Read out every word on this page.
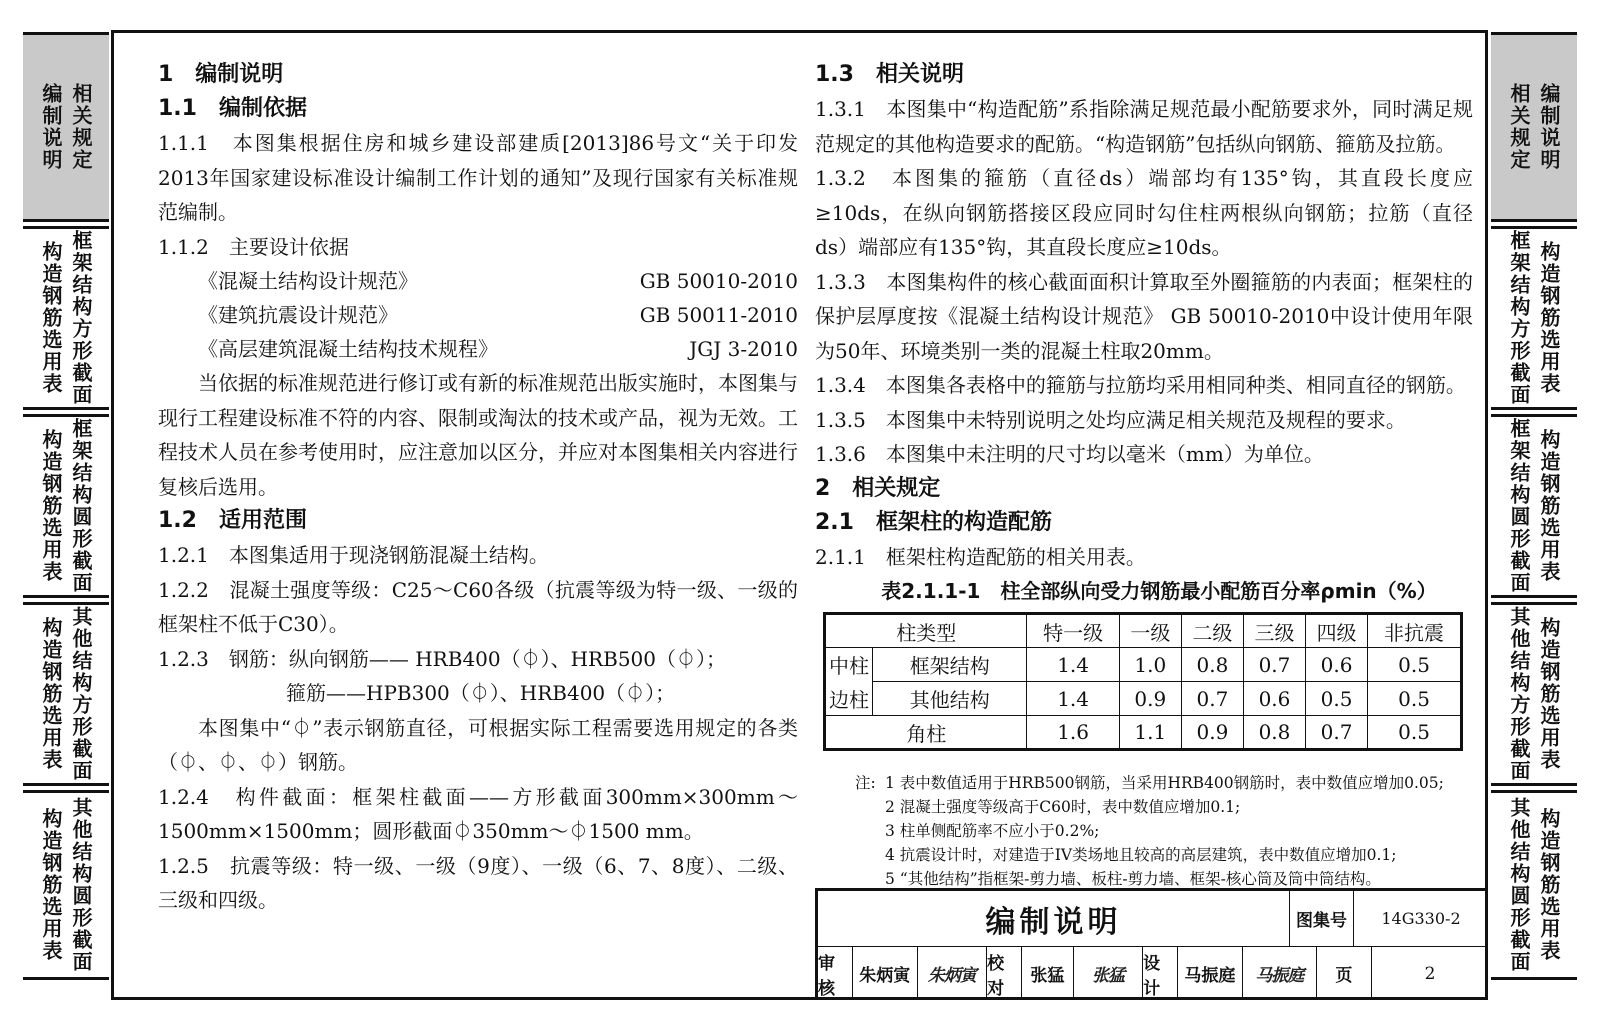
编制说明 相关规定
构造钢筋选用表 框架结构方形截面
构造钢筋选用表 框架结构圆形截面
构造钢筋选用表 其他结构方形截面
构造钢筋选用表 其他结构圆形截面
相关规定 编制说明
框架结构方形截面 构造钢筋选用表
框架结构圆形截面 构造钢筋选用表
其他结构方形截面 构造钢筋选用表
其他结构圆形截面 构造钢筋选用表
1　编制说明
1.1　编制依据
1.1.1　本图集根据住房和城乡建设部建质[2013]86号文“关于印发2013年国家建设标准设计编制工作计划的通知”及现行国家有关标准规范编制。
1.1.2　主要设计依据
《混凝土结构设计规范》	GB 50010-2010
《建筑抗震设计规范》	GB 50011-2010
《高层建筑混凝土结构技术规程》	JGJ 3-2010
当依据的标准规范进行修订或有新的标准规范出版实施时，本图集与现行工程建设标准不符的内容、限制或淘汰的技术或产品，视为无效。工程技术人员在参考使用时，应注意加以区分，并应对本图集相关内容进行复核后选用。
1.2　适用范围
1.2.1　本图集适用于现浇钢筋混凝土结构。
1.2.2　混凝土强度等级：C25～C60各级（抗震等级为特一级、一级的框架柱不低于C30）。
1.2.3　钢筋：纵向钢筋—— HRB400（⏀）、HRB500（⏀）；
箍筋——HPB300（⏀）、HRB400（⏀）；
本图集中“⏀”表示钢筋直径，可根据实际工程需要选用规定的各类（⏀、⏀、⏀）钢筋。
1.2.4　构件截面：框架柱截面——方形截面300mm×300mm～1500mm×1500mm；圆形截面⏀350mm～⏀1500 mm。
1.2.5　抗震等级：特一级、一级（9度）、一级（6、7、8度）、二级、三级和四级。
1.3　相关说明
1.3.1　本图集中“构造配筋”系指除满足规范最小配筋要求外，同时满足规范规定的其他构造要求的配筋。“构造钢筋”包括纵向钢筋、箍筋及拉筋。
1.3.2　本图集的箍筋（直径ds）端部均有135°钩，其直段长度应≥10ds，在纵向钢筋搭接区段应同时勾住柱两根纵向钢筋；拉筋（直径ds）端部应有135°钩，其直段长度应≥10ds。
1.3.3　本图集构件的核心截面面积计算取至外圈箍筋的内表面；框架柱的保护层厚度按《混凝土结构设计规范》 GB 50010-2010中设计使用年限为50年、环境类别一类的混凝土柱取20mm。
1.3.4　本图集各表格中的箍筋与拉筋均采用相同种类、相同直径的钢筋。
1.3.5　本图集中未特别说明之处均应满足相关规范及规程的要求。
1.3.6　本图集中未注明的尺寸均以毫米（mm）为单位。
2　相关规定
2.1　框架柱的构造配筋
2.1.1　框架柱构造配筋的相关用表。
表2.1.1-1　柱全部纵向受力钢筋最小配筋百分率ρmin（%）
柱类型		特一级	一级	二级	三级	四级	非抗震
中柱	框架结构	1.4	1.0	0.8	0.7	0.6	0.5
边柱	其他结构	1.4	0.9	0.7	0.6	0.5	0.5
角柱		1.6	1.1	0.9	0.8	0.7	0.5
注: 1 表中数值适用于HRB500钢筋，当采用HRB400钢筋时，表中数值应增加0.05;
2 混凝土强度等级高于C60时，表中数值应增加0.1;
3 柱单侧配筋率不应小于0.2%;
4 抗震设计时，对建造于IV类场地且较高的高层建筑，表中数值应增加0.1;
5 “其他结构”指框架-剪力墙、板柱-剪力墙、框架-核心筒及筒中筒结构。
编制说明	图集号	14G330-2
审核
朱炳寅	朱炳寅
校对
张猛	张猛
设计
马振庭	马振庭	页	2
